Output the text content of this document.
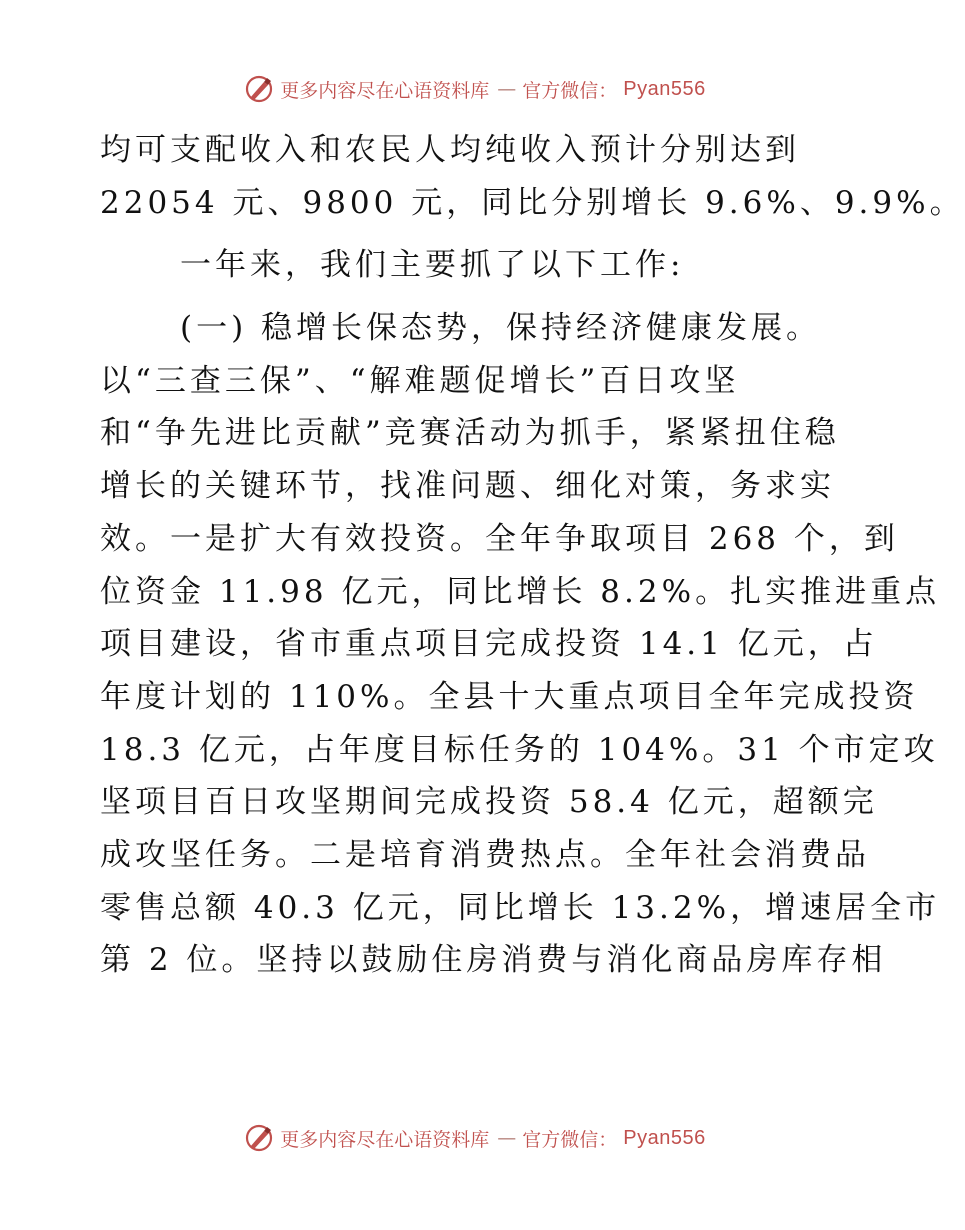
更多内容尽在心语资料库 — 官方微信： Pyan556
均可支配收入和农民人均纯收入预计分别达到
22054 元、9800 元，同比分别增长 9.6%、9.9%。
一年来，我们主要抓了以下工作:
(一) 稳增长保态势，保持经济健康发展。
以“三查三保”、“解难题促增长”百日攻坚
和“争先进比贡献”竞赛活动为抓手，紧紧扭住稳
增长的关键环节，找准问题、细化对策，务求实
效。一是扩大有效投资。全年争取项目 268 个，到
位资金 11.98 亿元，同比增长 8.2%。扎实推进重点
项目建设，省市重点项目完成投资 14.1 亿元，占
年度计划的 110%。全县十大重点项目全年完成投资
18.3 亿元，占年度目标任务的 104%。31 个市定攻
坚项目百日攻坚期间完成投资 58.4 亿元，超额完
成攻坚任务。二是培育消费热点。全年社会消费品
零售总额 40.3 亿元，同比增长 13.2%，增速居全市
第 2 位。坚持以鼓励住房消费与消化商品房库存相
更多内容尽在心语资料库 — 官方微信： Pyan556
